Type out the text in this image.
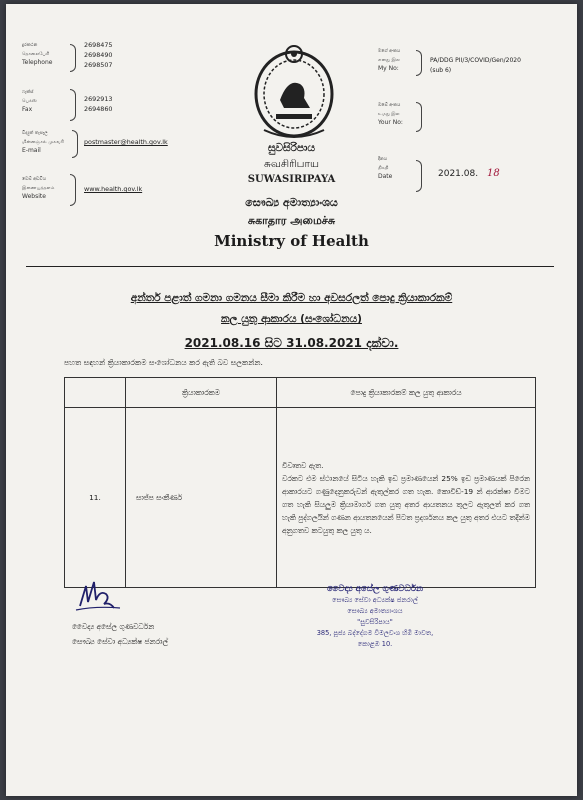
දුරකථන
தொலைபேசி
Telephone
2698475
2698490
2698507
ෆැක්ස්
பெக்ஸ்
Fax
2692913
2694860
විද්‍යුත් තැපෑල
மின்னஞ்சல் முகவரி
E-mail
postmaster@health.gov.lk
වෙබ් අඩවිය
இணையத்தளம்
Website
www.health.gov.lk
සුවසිරිපාය
சுவசிரிபாய
SUWASIRIPAYA
සෞඛ්‍ය අමාත්‍යාංශය
சுகாதார அமைச்சு
Ministry of Health
මගේ අංකය
எனது இல
My No:
PA/DDG PII/3/COVID/Gen/2020
(sub 6)
ඔබේ අංකය
உமது இல
Your No:
දිනය
திகதி
Date	2021.08. 18
අන්තර් පළාත් ගමනා ගමනය සීමා කිරීම හා අවසරලත් පොදු ක්‍රියාකාරකම්
කල යුතු ආකාරය (සංශෝධනය)
2021.08.16 සිට 31.08.2021 දක්වා.
පහත සඳහන් ක්‍රියාකාරකම සංශෝධනය කර ඇති බව සලකන්න.
	ක්‍රියාකාරකම	පොදු ක්‍රියාකාරකම් කල යුතු ආකාරය
11.	සාජ්ප සංකීර්ණ	විවෘතව ඇත.
වරකට එම ස්ථානයේ සිටිය හැකි ඉඩ ප්‍රමාණයෙන් 25% ඉඩ ප්‍රමාණයක් පිරෙන ආකාරයට ගණුදෙනුකරුවන් ඇතුල්කර ගත හැක. කොවිඩ්-19 න් ආරක්ෂා වීමට ගත හැකි සියලුම ක්‍රියාමාර්ග ගත යුතු අතර ආයතනය තුලට ඇතුලත් කර ගත හැකි පුද්ගලයින් ගණන ආයතනයෙන් පිටත ප්‍රදර්ශනය කල යුතු අතර එයට තදින්ම අනුගතව කටයුතු කල යුතු ය.
වෛද්‍ය අසේල ගුණවර්ධන
සෞඛ්‍ය සේවා අධ්‍යක්ෂ ජනරාල්
වෛද්‍ය අසේල ගුණවර්ධන
සෞඛ්‍ය සේවා අධ්‍යක්ෂ ජනරාල්
සෞඛ්‍ය අමාත්‍යාංශය
"සුවසිරිපාය"
385, පූජ්‍ය බද්දේගම විමලවංශ හිමි මාවත,
කොළඹ 10.
